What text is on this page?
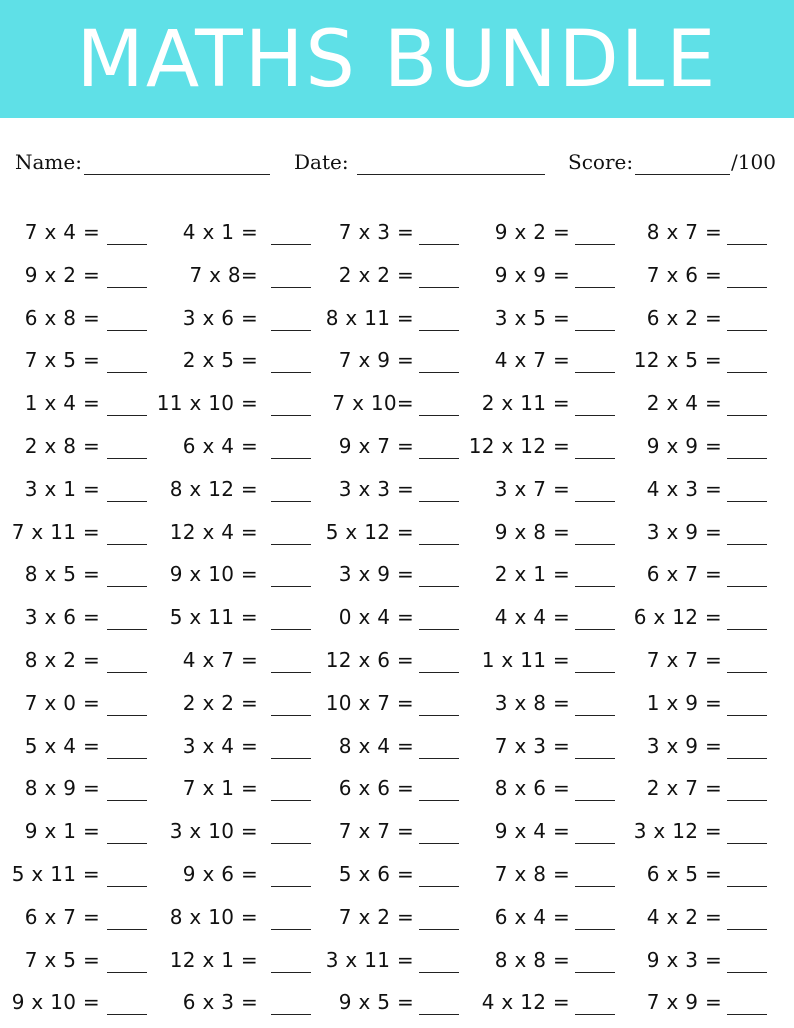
MATHS BUNDLE
Name:	Date:	Score:	/100
7 x 4 =	4 x 1 =	7 x 3 =	9 x 2 =	8 x 7 =
9 x 2 =	7 x 8=	2 x 2 =	9 x 9 =	7 x 6 =
6 x 8 =	3 x 6 =	8 x 11 =	3 x 5 =	6 x 2 =
7 x 5 =	2 x 5 =	7 x 9 =	4 x 7 =	12 x 5 =
1 x 4 =	11 x 10 =	7 x 10=	2 x 11 =	2 x 4 =
2 x 8 =	6 x 4 =	9 x 7 =	12 x 12 =	9 x 9 =
3 x 1 =	8 x 12 =	3 x 3 =	3 x 7 =	4 x 3 =
7 x 11 =	12 x 4 =	5 x 12 =	9 x 8 =	3 x 9 =
8 x 5 =	9 x 10 =	3 x 9 =	2 x 1 =	6 x 7 =
3 x 6 =	5 x 11 =	0 x 4 =	4 x 4 =	6 x 12 =
8 x 2 =	4 x 7 =	12 x 6 =	1 x 11 =	7 x 7 =
7 x 0 =	2 x 2 =	10 x 7 =	3 x 8 =	1 x 9 =
5 x 4 =	3 x 4 =	8 x 4 =	7 x 3 =	3 x 9 =
8 x 9 =	7 x 1 =	6 x 6 =	8 x 6 =	2 x 7 =
9 x 1 =	3 x 10 =	7 x 7 =	9 x 4 =	3 x 12 =
5 x 11 =	9 x 6 =	5 x 6 =	7 x 8 =	6 x 5 =
6 x 7 =	8 x 10 =	7 x 2 =	6 x 4 =	4 x 2 =
7 x 5 =	12 x 1 =	3 x 11 =	8 x 8 =	9 x 3 =
9 x 10 =	6 x 3 =	9 x 5 =	4 x 12 =	7 x 9 =
